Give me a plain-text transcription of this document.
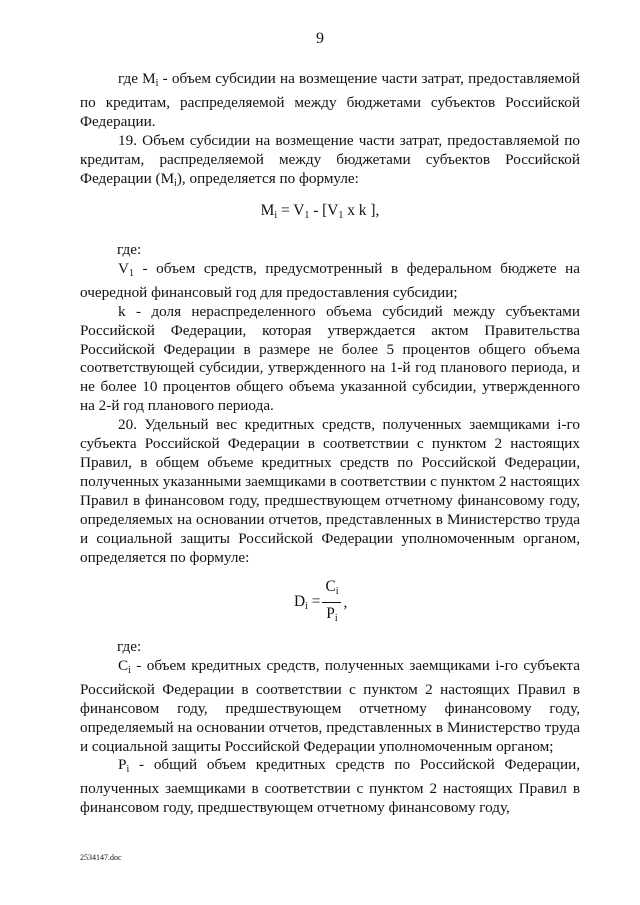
9

где $M_i$ - объем субсидии на возмещение части затрат, предоставляемой по кредитам, распределяемой между бюджетами субъектов Российской Федерации.

19. Объем субсидии на возмещение части затрат, предоставляемой по кредитам, распределяемой между бюджетами субъектов Российской Федерации $(M_i)$, определяется по формуле:

$M_i = V_1 - [V_1$ x k ],

где:

$V_1$ - объем средств, предусмотренный в федеральном бюджете на очередной финансовый год для предоставления субсидии;

k - доля нераспределенного объема субсидий между субъектами Российской Федерации, которая утверждается актом Правительства Российской Федерации в размере не более 5 процентов общего объема соответствующей субсидии, утвержденного на 1-й год планового периода, и не более 10 процентов общего объема указанной субсидии, утвержденного на 2-й год планового периода.

20. Удельный вес кредитных средств, полученных заемщиками i-го субъекта Российской Федерации в соответствии с пунктом 2 настоящих Правил, в общем объеме кредитных средств по Российской Федерации, полученных указанными заемщиками в соответствии с пунктом 2 настоящих Правил в финансовом году, предшествующем отчетному финансовому году, определяемых на основании отчетов, представленных в Министерство труда и социальной защиты Российской Федерации уполномоченным органом, определяется по формуле:

$D_i = \frac{C_i}{P_i}$ ,

где:

$C_i$ - объем кредитных средств, полученных заемщиками i-го субъекта Российской Федерации в соответствии с пунктом 2 настоящих Правил в финансовом году, предшествующем отчетному финансовому году, определяемый на основании отчетов, представленных в Министерство труда и социальной защиты Российской Федерации уполномоченным органом;

$P_i$ - общий объем кредитных средств по Российской Федерации, полученных заемщиками в соответствии с пунктом 2 настоящих Правил в финансовом году, предшествующем отчетному финансовому году,

2534147.doc
